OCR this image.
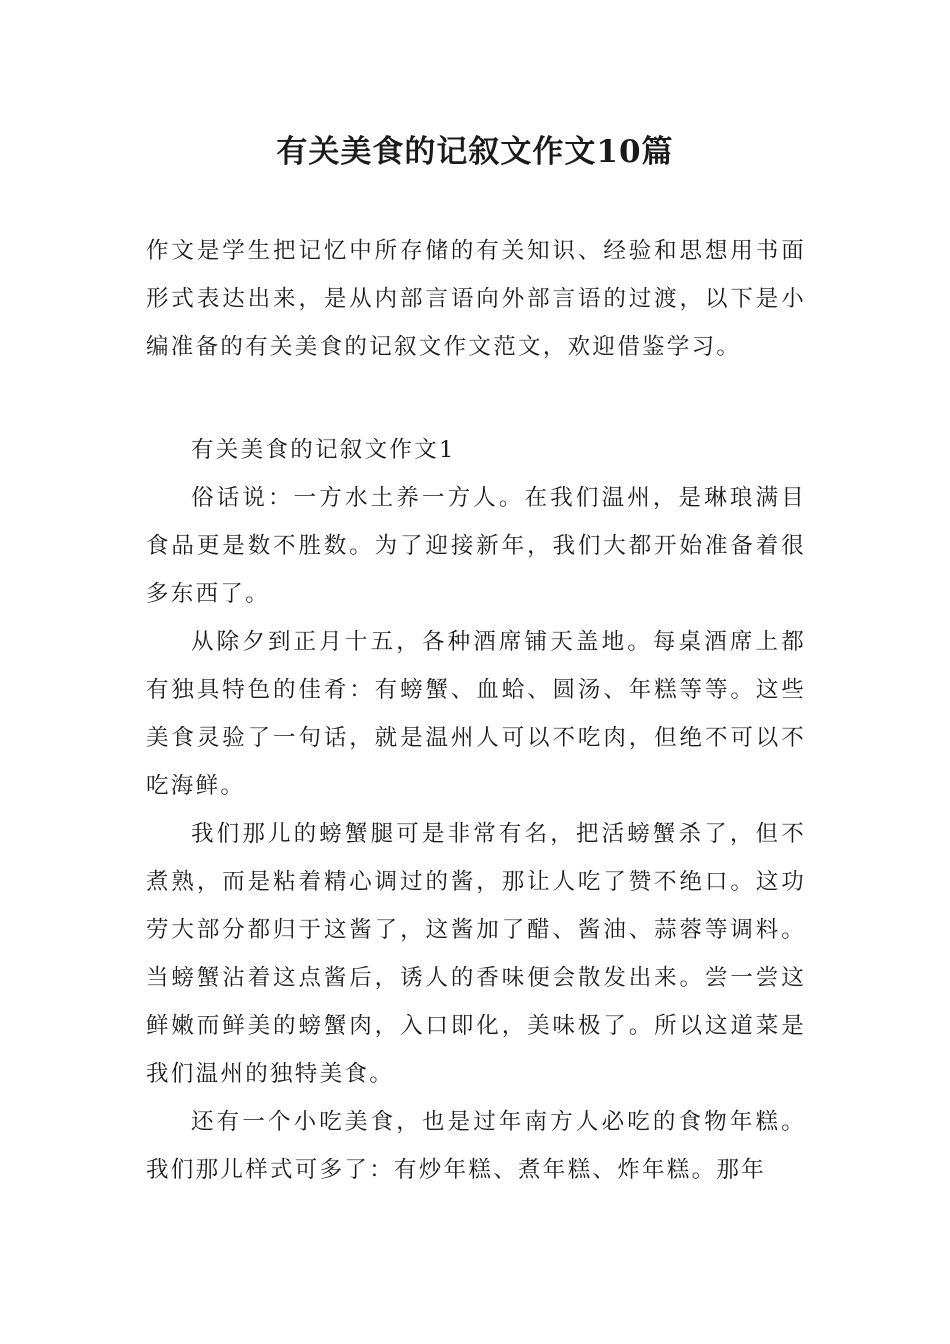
有关美食的记叙文作文10篇
作文是学生把记忆中所存储的有关知识、经验和思想用书面形式表达出来，是从内部言语向外部言语的过渡，以下是小编准备的有关美食的记叙文作文范文，欢迎借鉴学习。

有关美食的记叙文作文1

俗话说：一方水土养一方人。在我们温州，是琳琅满目食品更是数不胜数。为了迎接新年，我们大都开始准备着很多东西了。

从除夕到正月十五，各种酒席铺天盖地。每桌酒席上都有独具特色的佳肴：有螃蟹、血蛤、圆汤、年糕等等。这些美食灵验了一句话，就是温州人可以不吃肉，但绝不可以不吃海鲜。

我们那儿的螃蟹腿可是非常有名，把活螃蟹杀了，但不煮熟，而是粘着精心调过的酱，那让人吃了赞不绝口。这功劳大部分都归于这酱了，这酱加了醋、酱油、蒜蓉等调料。当螃蟹沾着这点酱后，诱人的香味便会散发出来。尝一尝这鲜嫩而鲜美的螃蟹肉，入口即化，美味极了。所以这道菜是我们温州的独特美食。

还有一个小吃美食，也是过年南方人必吃的食物年糕。我们那儿样式可多了：有炒年糕、煮年糕、炸年糕。那年
